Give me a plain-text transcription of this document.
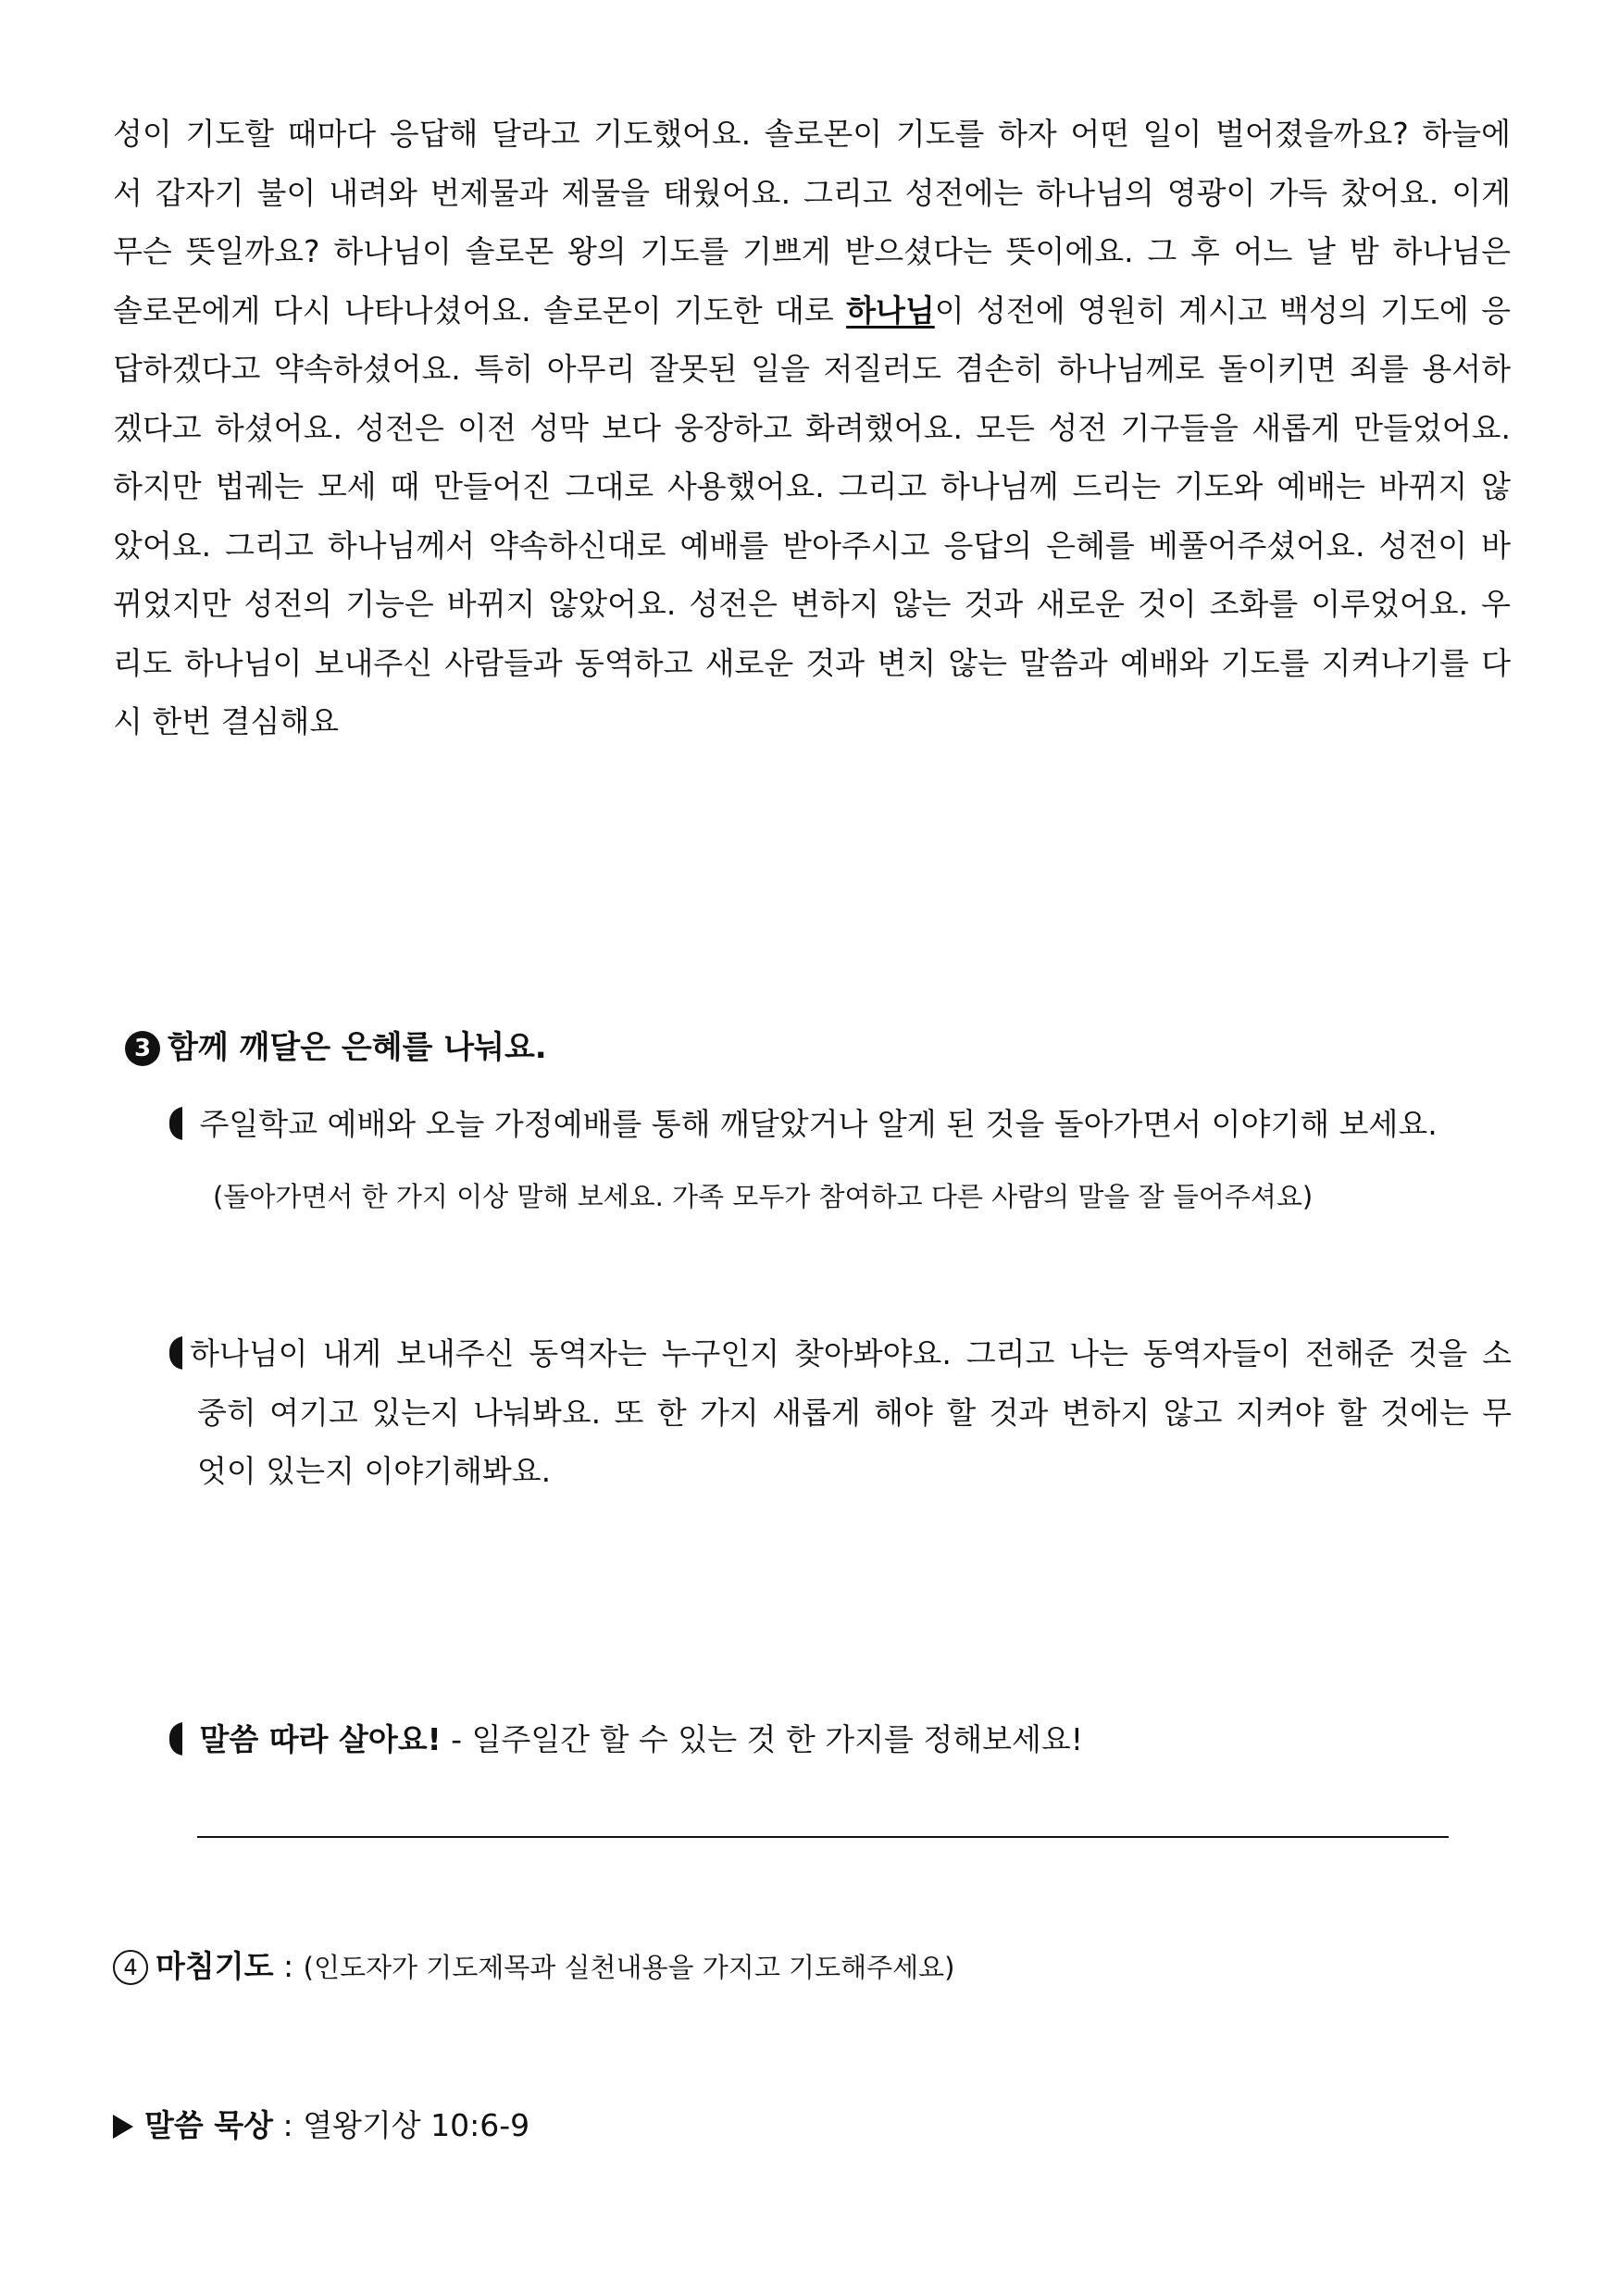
성이 기도할 때마다 응답해 달라고 기도했어요. 솔로몬이 기도를 하자 어떤 일이 벌어졌을까요? 하늘에
서 갑자기 불이 내려와 번제물과 제물을 태웠어요. 그리고 성전에는 하나님의 영광이 가득 찼어요. 이게
무슨 뜻일까요? 하나님이 솔로몬 왕의 기도를 기쁘게 받으셨다는 뜻이에요. 그 후 어느 날 밤 하나님은
솔로몬에게 다시 나타나셨어요. 솔로몬이 기도한 대로 하나님이 성전에 영원히 계시고 백성의 기도에 응
답하겠다고 약속하셨어요. 특히 아무리 잘못된 일을 저질러도 겸손히 하나님께로 돌이키면 죄를 용서하
겠다고 하셨어요. 성전은 이전 성막 보다 웅장하고 화려했어요. 모든 성전 기구들을 새롭게 만들었어요.
하지만 법궤는 모세 때 만들어진 그대로 사용했어요. 그리고 하나님께 드리는 기도와 예배는 바뀌지 않
았어요. 그리고 하나님께서 약속하신대로 예배를 받아주시고 응답의 은혜를 베풀어주셨어요. 성전이 바
뀌었지만 성전의 기능은 바뀌지 않았어요. 성전은 변하지 않는 것과 새로운 것이 조화를 이루었어요. 우
리도 하나님이 보내주신 사람들과 동역하고 새로운 것과 변치 않는 말씀과 예배와 기도를 지켜나기를 다
시 한번 결심해요
3 함께 깨달은 은혜를 나눠요.
주일학교 예배와 오늘 가정예배를 통해 깨달았거나 알게 된 것을 돌아가면서 이야기해 보세요.
(돌아가면서 한 가지 이상 말해 보세요. 가족 모두가 참여하고 다른 사람의 말을 잘 들어주셔요)
하나님이 내게 보내주신 동역자는 누구인지 찾아봐야요. 그리고 나는 동역자들이 전해준 것을 소
중히 여기고 있는지 나눠봐요. 또 한 가지 새롭게 해야 할 것과 변하지 않고 지켜야 할 것에는 무
엇이 있는지 이야기해봐요.
말씀 따라 살아요! - 일주일간 할 수 있는 것 한 가지를 정해보세요!
4 마침기도 : (인도자가 기도제목과 실천내용을 가지고 기도해주세요)
말씀 묵상 : 열왕기상 10:6-9
